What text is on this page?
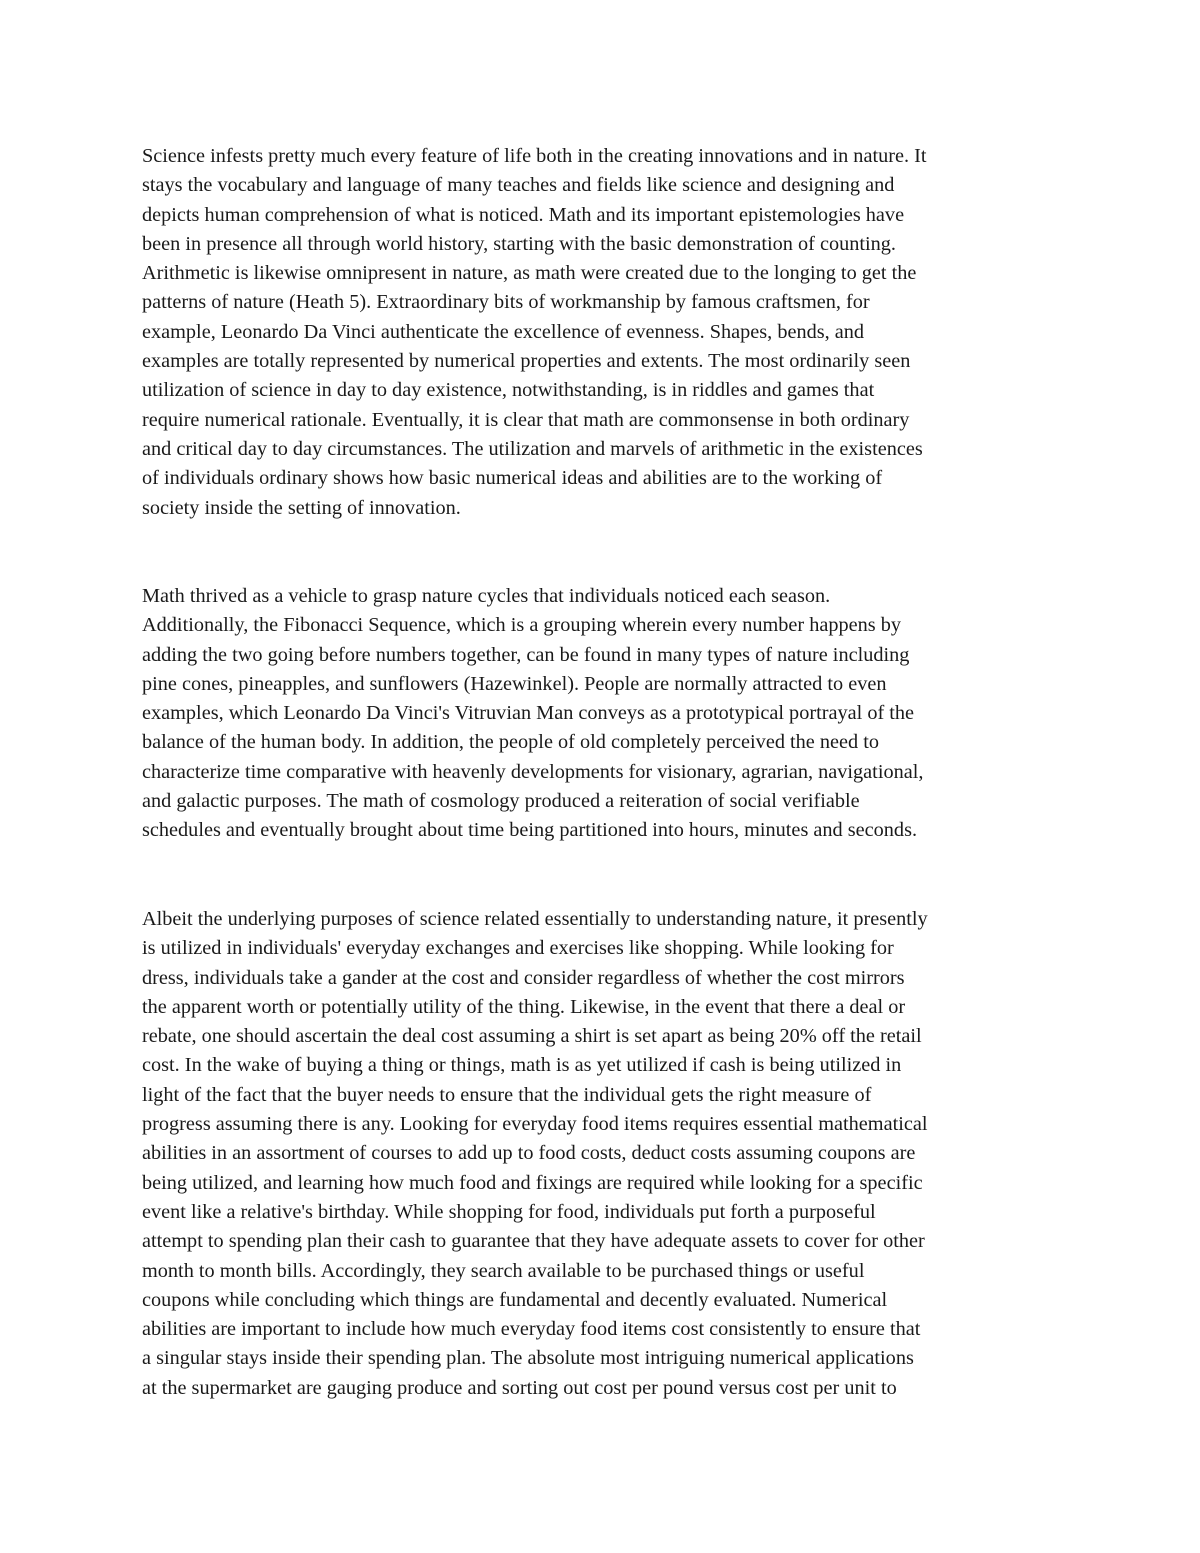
Science infests pretty much every feature of life both in the creating innovations and in nature. It
stays the vocabulary and language of many teaches and fields like science and designing and
depicts human comprehension of what is noticed. Math and its important epistemologies have
been in presence all through world history, starting with the basic demonstration of counting.
Arithmetic is likewise omnipresent in nature, as math were created due to the longing to get the
patterns of nature (Heath 5). Extraordinary bits of workmanship by famous craftsmen, for
example, Leonardo Da Vinci authenticate the excellence of evenness. Shapes, bends, and
examples are totally represented by numerical properties and extents. The most ordinarily seen
utilization of science in day to day existence, notwithstanding, is in riddles and games that
require numerical rationale. Eventually, it is clear that math are commonsense in both ordinary
and critical day to day circumstances. The utilization and marvels of arithmetic in the existences
of individuals ordinary shows how basic numerical ideas and abilities are to the working of
society inside the setting of innovation.

Math thrived as a vehicle to grasp nature cycles that individuals noticed each season.
Additionally, the Fibonacci Sequence, which is a grouping wherein every number happens by
adding the two going before numbers together, can be found in many types of nature including
pine cones, pineapples, and sunflowers (Hazewinkel). People are normally attracted to even
examples, which Leonardo Da Vinci's Vitruvian Man conveys as a prototypical portrayal of the
balance of the human body. In addition, the people of old completely perceived the need to
characterize time comparative with heavenly developments for visionary, agrarian, navigational,
and galactic purposes. The math of cosmology produced a reiteration of social verifiable
schedules and eventually brought about time being partitioned into hours, minutes and seconds.

Albeit the underlying purposes of science related essentially to understanding nature, it presently
is utilized in individuals' everyday exchanges and exercises like shopping. While looking for
dress, individuals take a gander at the cost and consider regardless of whether the cost mirrors
the apparent worth or potentially utility of the thing. Likewise, in the event that there a deal or
rebate, one should ascertain the deal cost assuming a shirt is set apart as being 20% off the retail
cost. In the wake of buying a thing or things, math is as yet utilized if cash is being utilized in
light of the fact that the buyer needs to ensure that the individual gets the right measure of
progress assuming there is any. Looking for everyday food items requires essential mathematical
abilities in an assortment of courses to add up to food costs, deduct costs assuming coupons are
being utilized, and learning how much food and fixings are required while looking for a specific
event like a relative's birthday. While shopping for food, individuals put forth a purposeful
attempt to spending plan their cash to guarantee that they have adequate assets to cover for other
month to month bills. Accordingly, they search available to be purchased things or useful
coupons while concluding which things are fundamental and decently evaluated. Numerical
abilities are important to include how much everyday food items cost consistently to ensure that
a singular stays inside their spending plan. The absolute most intriguing numerical applications
at the supermarket are gauging produce and sorting out cost per pound versus cost per unit to
